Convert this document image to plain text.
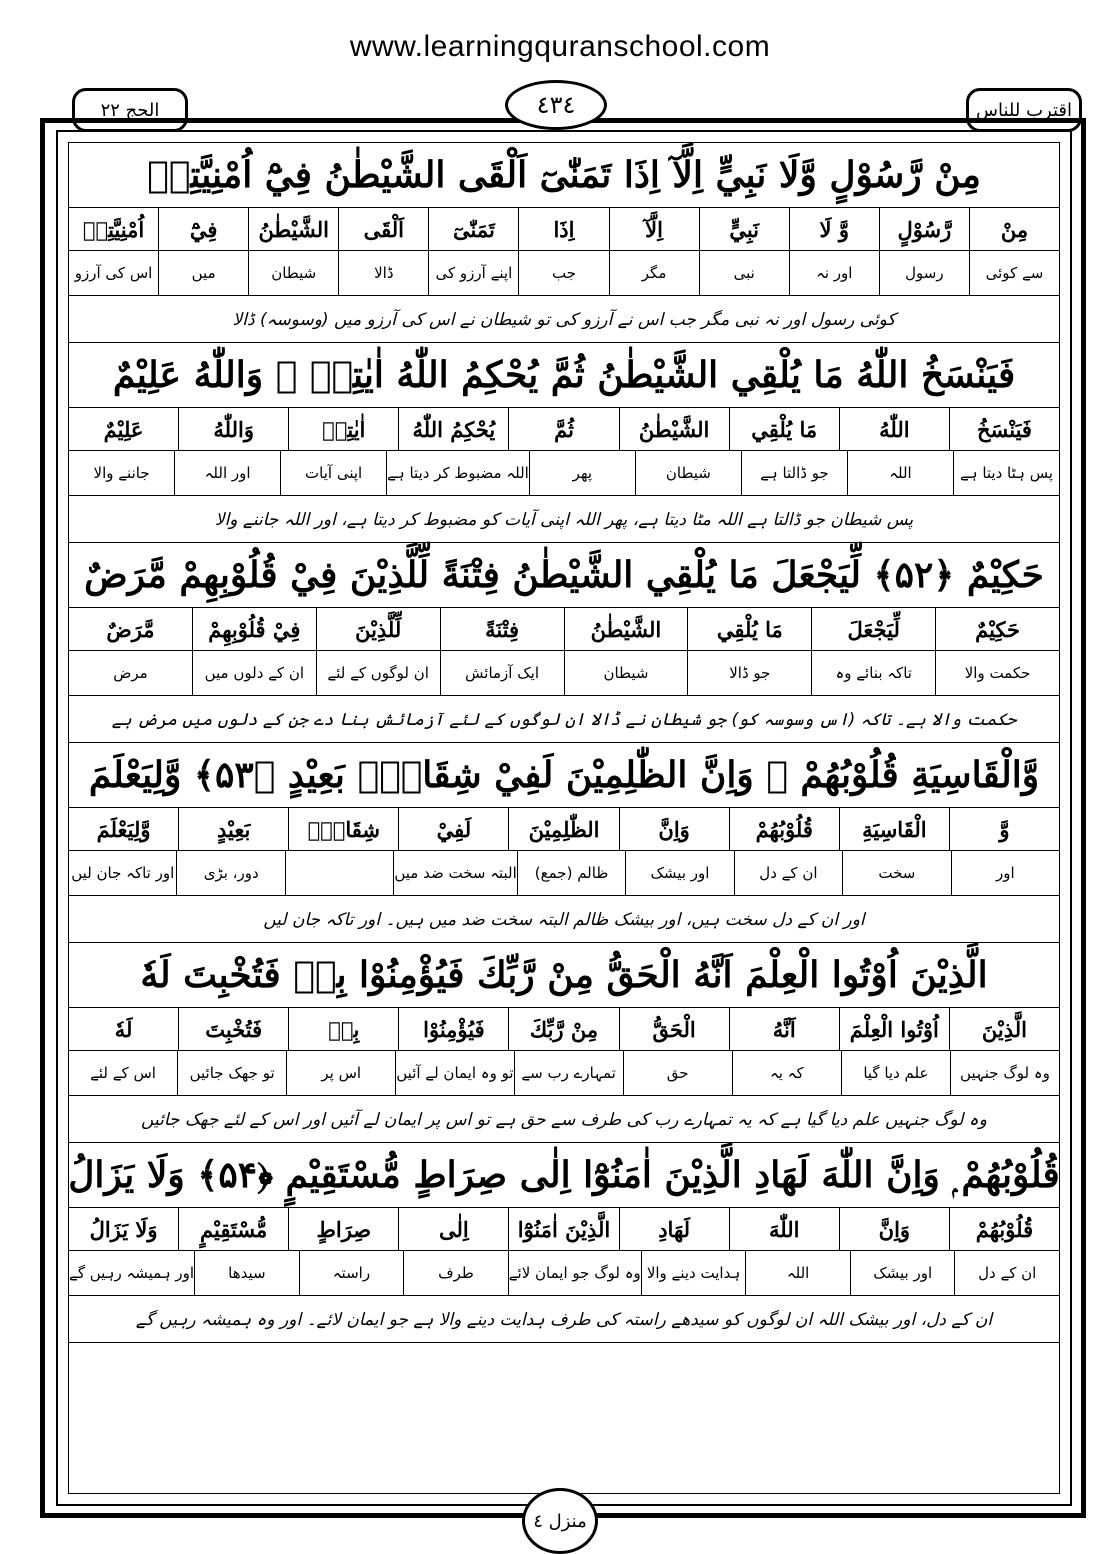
www.learningquranschool.com
الحج ٢٢	اقترب للناس
٤٣٤
مِنْ رَّسُوْلٍ وَّلَا نَبِيٍّ اِلَّآ اِذَا تَمَنّٰىٓ اَلْقَى الشَّيْطٰنُ فِيْٓ اُمْنِيَّتِهٖ
مِنْ
رَّسُوْلٍ
وَّ لَا
نَبِيٍّ
اِلَّآ
اِذَا
تَمَنّٰىٓ
اَلْقَى
الشَّيْطٰنُ
فِيْٓ
اُمْنِيَّتِهٖ
سے کوئی
رسول
اور نہ
نبی
مگر
جب
اپنے آرزو کی
ڈالا
شیطان
میں
اس کی آرزو
کوئی رسول اور نہ نبی مگر جب اس نے آرزو کی تو شیطان نے اس کی آرزو میں (وسوسہ) ڈالا
فَيَنْسَخُ اللّٰهُ مَا يُلْقِي الشَّيْطٰنُ ثُمَّ يُحْكِمُ اللّٰهُ اٰيٰتِهٖ ۗ وَاللّٰهُ عَلِيْمٌ
فَيَنْسَخُ
اللّٰهُ
مَا يُلْقِي
الشَّيْطٰنُ
ثُمَّ
يُحْكِمُ اللّٰهُ
اٰيٰتِهٖ
وَاللّٰهُ
عَلِيْمٌ
پس ہٹا دیتا ہے
اللہ
جو ڈالتا ہے
شیطان
پھر
اللہ مضبوط کر دیتا ہے
اپنی آیات
اور اللہ
جاننے والا
پس شیطان جو ڈالتا ہے اللہ مٹا دیتا ہے، پھر اللہ اپنی آیات کو مضبوط کر دیتا ہے، اور اللہ جاننے والا
حَكِيْمٌ ﴿۵۲﴾ لِّيَجْعَلَ مَا يُلْقِي الشَّيْطٰنُ فِتْنَةً لِّلَّذِيْنَ فِيْ قُلُوْبِهِمْ مَّرَضٌ
حَكِيْمٌ
لِّيَجْعَلَ
مَا يُلْقِي
الشَّيْطٰنُ
فِتْنَةً
لِّلَّذِيْنَ
فِيْ قُلُوْبِهِمْ
مَّرَضٌ
حکمت والا
تاکہ بنائے وہ
جو ڈالا
شیطان
ایک آزمائش
ان لوگوں کے لئے
ان کے دلوں میں
مرض
حکمت والا ہے۔ تاکہ (اس وسوسہ کو) جو شیطان نے ڈالا ان لوگوں کے لئے آزمائش بنا دے جن کے دلوں میں مرض ہے
وَّالْقَاسِيَةِ قُلُوْبُهُمْ ۭ وَاِنَّ الظّٰلِمِيْنَ لَفِيْ شِقَاقٍۢ بَعِيْدٍ ﴿۵۳﴾ وَّلِيَعْلَمَ
وَّ
الْقَاسِيَةِ
قُلُوْبُهُمْ
وَاِنَّ
الظّٰلِمِيْنَ
لَفِيْ
شِقَاقٍۢ
بَعِيْدٍ
وَّلِيَعْلَمَ
اور
سخت
ان کے دل
اور بیشک
ظالم (جمع)
البتہ سخت ضد میں
دور، بڑی
اور تاکہ جان لیں
اور ان کے دل سخت ہیں، اور بیشک ظالم البتہ سخت ضد میں ہیں۔ اور تاکہ جان لیں
الَّذِيْنَ اُوْتُوا الْعِلْمَ اَنَّهُ الْحَقُّ مِنْ رَّبِّكَ فَيُؤْمِنُوْا بِهٖ فَتُخْبِتَ لَهٗ
الَّذِيْنَ
اُوْتُوا الْعِلْمَ
اَنَّهُ
الْحَقُّ
مِنْ رَّبِّكَ
فَيُؤْمِنُوْا
بِهٖ
فَتُخْبِتَ
لَهٗ
وہ لوگ جنہیں
علم دیا گیا
کہ یہ
حق
تمہارے رب سے
تو وہ ایمان لے آئیں
اس پر
تو جھک جائیں
اس کے لئے
وہ لوگ جنہیں علم دیا گیا ہے کہ یہ تمہارے رب کی طرف سے حق ہے تو اس پر ایمان لے آئیں اور اس کے لئے جھک جائیں
قُلُوْبُهُمْ ۭ وَاِنَّ اللّٰهَ لَهَادِ الَّذِيْنَ اٰمَنُوْٓا اِلٰى صِرَاطٍ مُّسْتَقِيْمٍ ﴿۵۴﴾ وَلَا يَزَالُ
قُلُوْبُهُمْ
وَاِنَّ
اللّٰهَ
لَهَادِ
الَّذِيْنَ اٰمَنُوْٓا
اِلٰى
صِرَاطٍ
مُّسْتَقِيْمٍ
وَلَا يَزَالُ
ان کے دل
اور بیشک
اللہ
ہدایت دینے والا
وہ لوگ جو ایمان لائے
طرف
راستہ
سیدھا
اور ہمیشہ رہیں گے
ان کے دل، اور بیشک اللہ ان لوگوں کو سیدھے راستہ کی طرف ہدایت دینے والا ہے جو ایمان لائے۔ اور وہ ہمیشہ رہیں گے
منزل ٤
